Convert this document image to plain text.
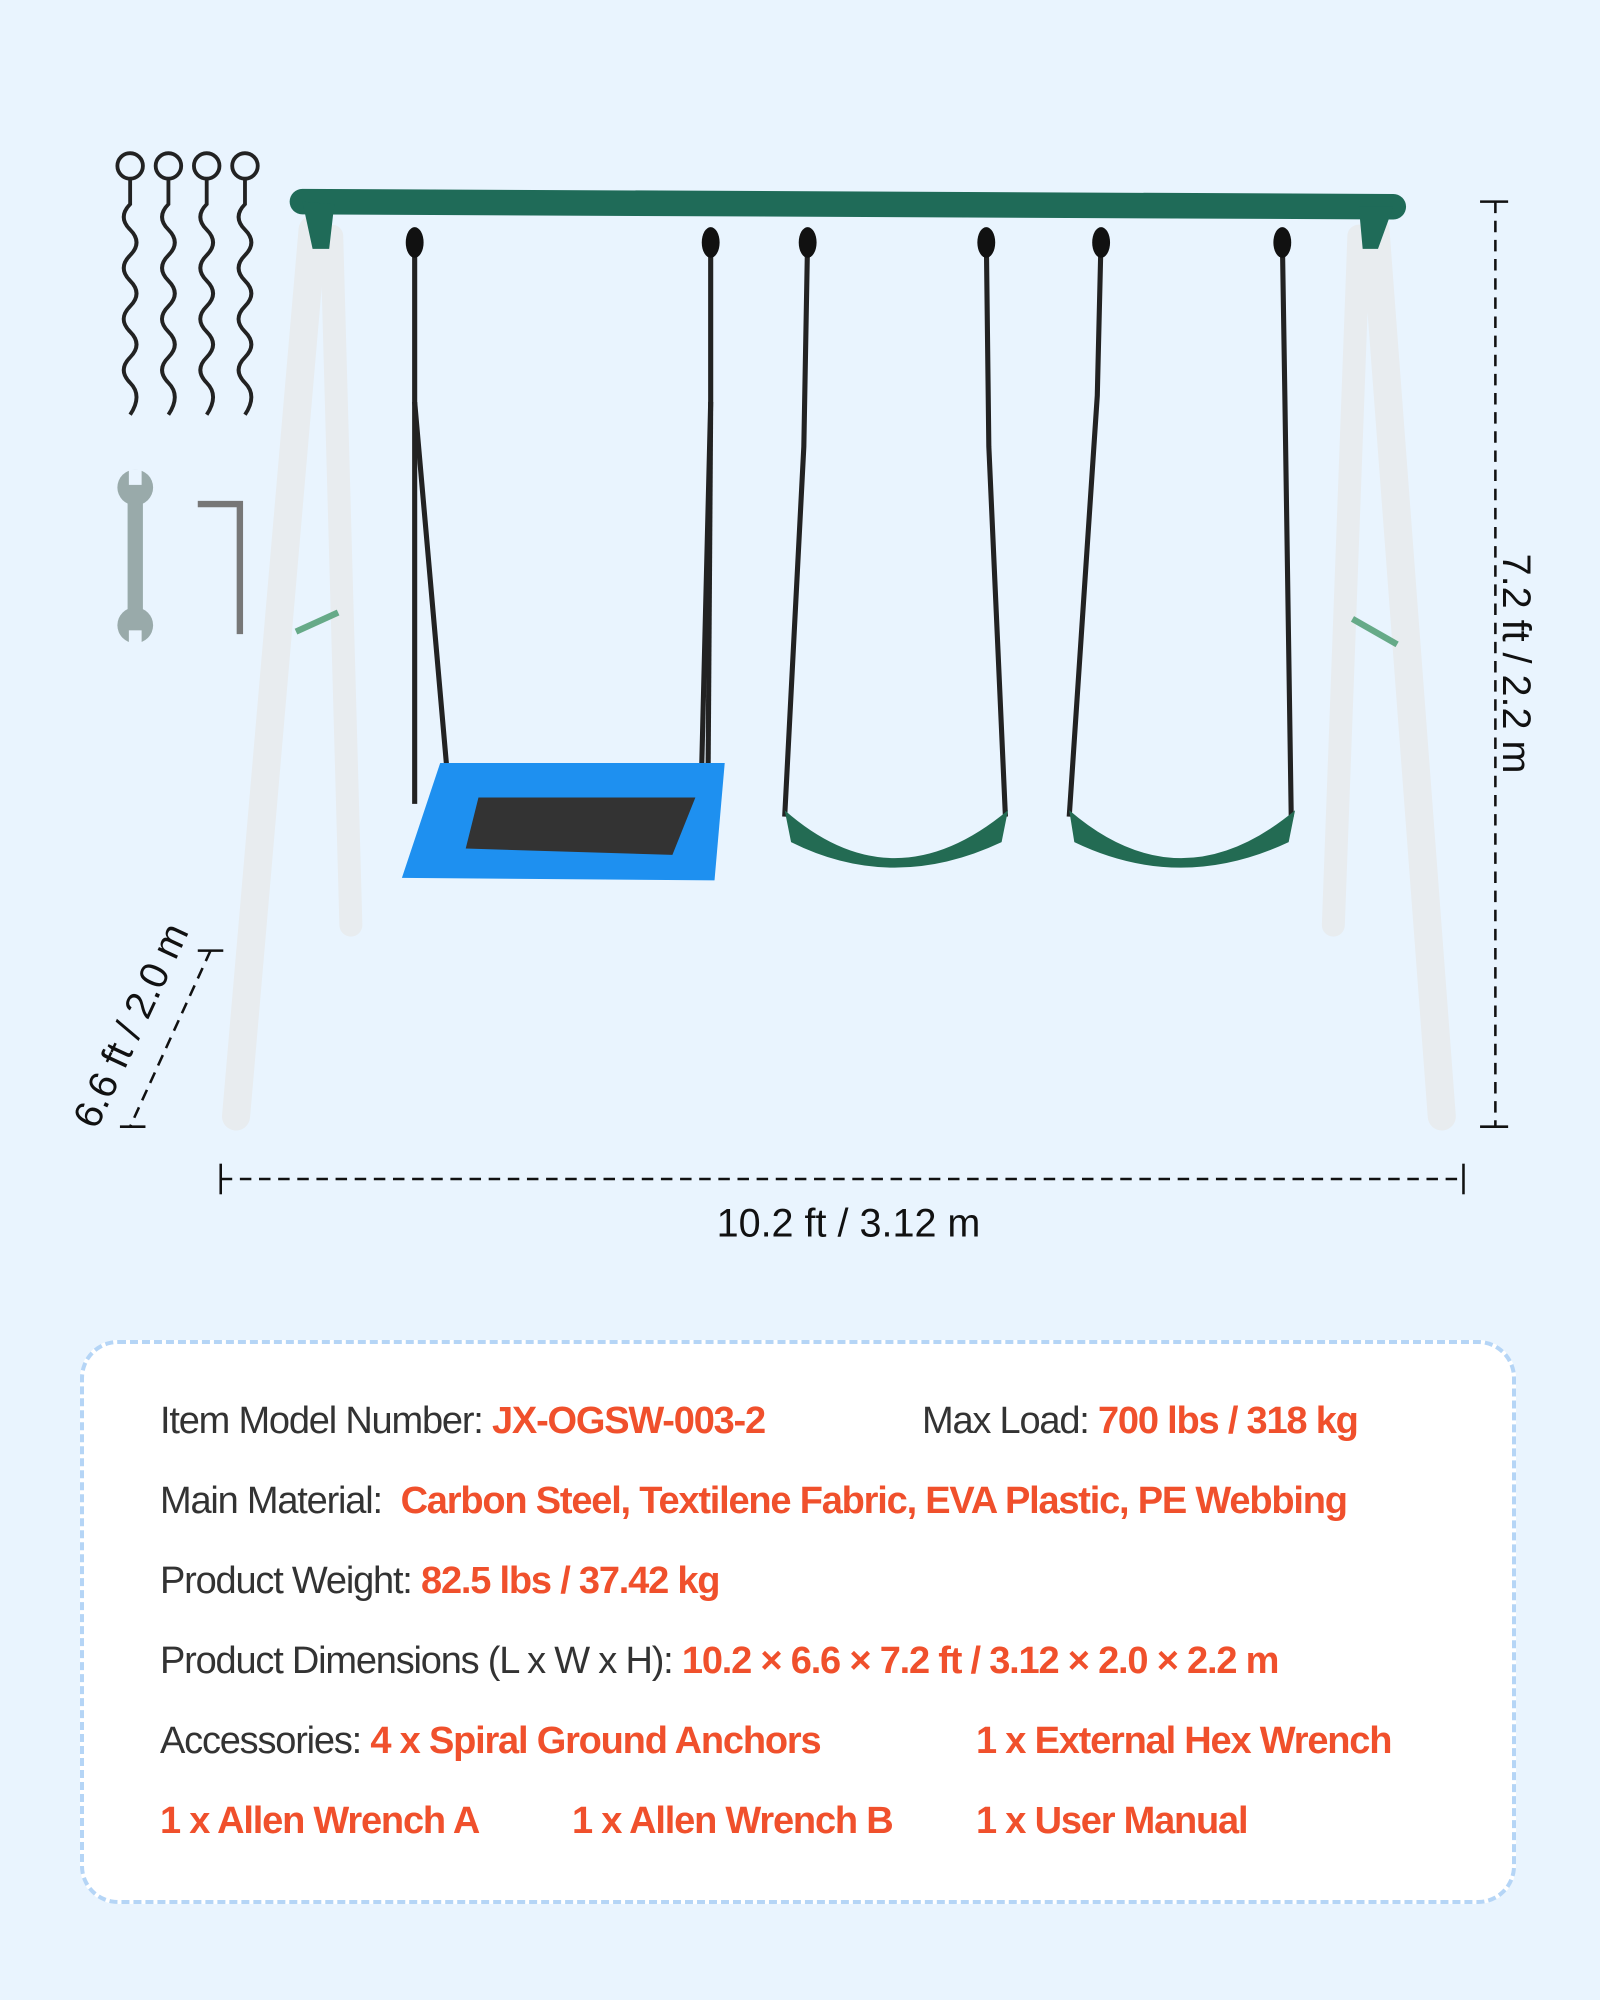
10.2 ft / 3.12 m
7.2 ft / 2.2 m
6.6 ft / 2.0 m
Item Model Number: JX-OGSW-003-2	Max Load: 700 lbs / 318 kg
Main Material: Carbon Steel, Textilene Fabric, EVA Plastic, PE Webbing
Product Weight: 82.5 lbs / 37.42 kg
Product Dimensions (L x W x H): 10.2 × 6.6 × 7.2 ft / 3.12 × 2.0 × 2.2 m
Accessories: 4 x Spiral Ground Anchors	1 x External Hex Wrench
1 x Allen Wrench A 1 x Allen Wrench B 1 x User Manual
